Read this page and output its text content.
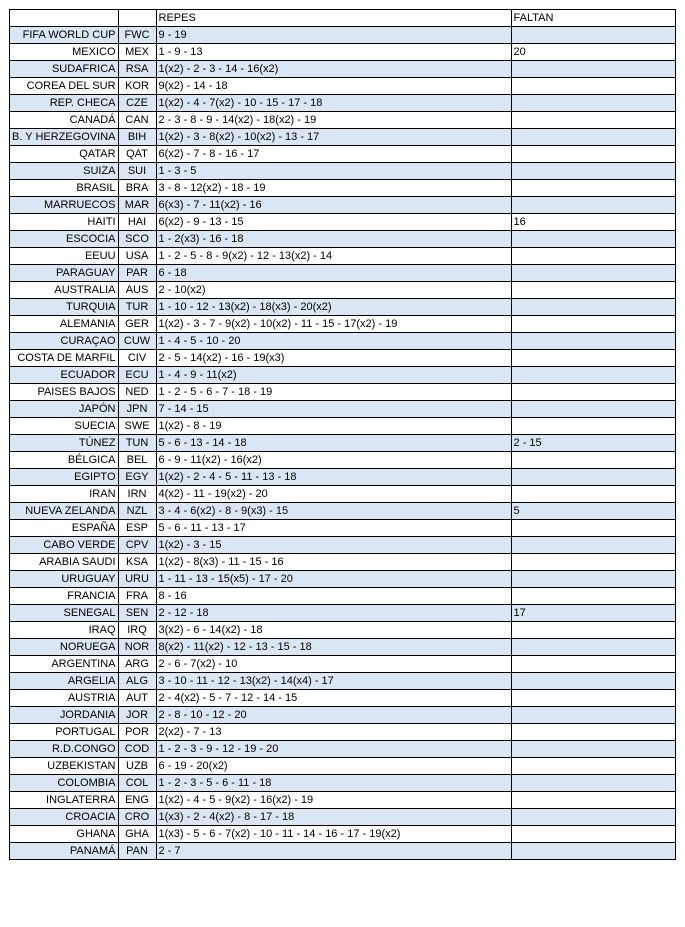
		REPES	FALTAN
FIFA WORLD CUP	FWC	9 - 19	
MEXICO	MEX	1 - 9 - 13	20
SUDAFRICA	RSA	1(x2) - 2 - 3 - 14 - 16(x2)	
COREA DEL SUR	KOR	9(x2) - 14 - 18	
REP. CHECA	CZE	1(x2) - 4 - 7(x2) - 10 - 15 - 17 - 18	
CANADÁ	CAN	2 - 3 - 8 - 9 - 14(x2) - 18(x2) - 19	
B. Y HERZEGOVINA	BIH	1(x2) - 3 - 8(x2) - 10(x2) - 13 - 17	
QATAR	QAT	6(x2) - 7 - 8 - 16 - 17	
SUIZA	SUI	1 - 3 - 5	
BRASIL	BRA	3 - 8 - 12(x2) - 18 - 19	
MARRUECOS	MAR	6(x3) - 7 - 11(x2) - 16	
HAITI	HAI	6(x2) - 9 - 13 - 15	16
ESCOCIA	SCO	1 - 2(x3) - 16 - 18	
EEUU	USA	1 - 2 - 5 - 8 - 9(x2) - 12 - 13(x2) - 14	
PARAGUAY	PAR	6 - 18	
AUSTRALIA	AUS	2 - 10(x2)	
TURQUIA	TUR	1 - 10 - 12 - 13(x2) - 18(x3) - 20(x2)	
ALEMANIA	GER	1(x2) - 3 - 7 - 9(x2) - 10(x2) - 11 - 15 - 17(x2) - 19	
CURAÇAO	CUW	1 - 4 - 5 - 10 - 20	
COSTA DE MARFIL	CIV	2 - 5 - 14(x2) - 16 - 19(x3)	
ECUADOR	ECU	1 - 4 - 9 - 11(x2)	
PAISES BAJOS	NED	1 - 2 - 5 - 6 - 7 - 18 - 19	
JAPÓN	JPN	7 - 14 - 15	
SUECIA	SWE	1(x2) - 8 - 19	
TÚNEZ	TUN	5 - 6 - 13 - 14 - 18	2 - 15
BÉLGICA	BEL	6 - 9 - 11(x2) - 16(x2)	
EGIPTO	EGY	1(x2) - 2 - 4 - 5 - 11 - 13 - 18	
IRAN	IRN	4(x2) - 11 - 19(x2) - 20	
NUEVA ZELANDA	NZL	3 - 4 - 6(x2) - 8 - 9(x3) - 15	5
ESPAÑA	ESP	5 - 6 - 11 - 13 - 17	
CABO VERDE	CPV	1(x2) - 3 - 15	
ARABIA SAUDI	KSA	1(x2) - 8(x3) - 11 - 15 - 16	
URUGUAY	URU	1 - 11 - 13 - 15(x5) - 17 - 20	
FRANCIA	FRA	8 - 16	
SENEGAL	SEN	2 - 12 - 18	17
IRAQ	IRQ	3(x2) - 6 - 14(x2) - 18	
NORUEGA	NOR	8(x2) - 11(x2) - 12 - 13 - 15 - 18	
ARGENTINA	ARG	2 - 6 - 7(x2) - 10	
ARGELIA	ALG	3 - 10 - 11 - 12 - 13(x2) - 14(x4) - 17	
AUSTRIA	AUT	2 - 4(x2) - 5 - 7 - 12 - 14 - 15	
JORDANIA	JOR	2 - 8 - 10 - 12 - 20	
PORTUGAL	POR	2(x2) - 7 - 13	
R.D.CONGO	COD	1 - 2 - 3 - 9 - 12 - 19 - 20	
UZBEKISTAN	UZB	6 - 19 - 20(x2)	
COLOMBIA	COL	1 - 2 - 3 - 5 - 6 - 11 - 18	
INGLATERRA	ENG	1(x2) - 4 - 5 - 9(x2) - 16(x2) - 19	
CROACIA	CRO	1(x3) - 2 - 4(x2) - 8 - 17 - 18	
GHANA	GHA	1(x3) - 5 - 6 - 7(x2) - 10 - 11 - 14 - 16 - 17 - 19(x2)	
PANAMÁ	PAN	2 - 7	
